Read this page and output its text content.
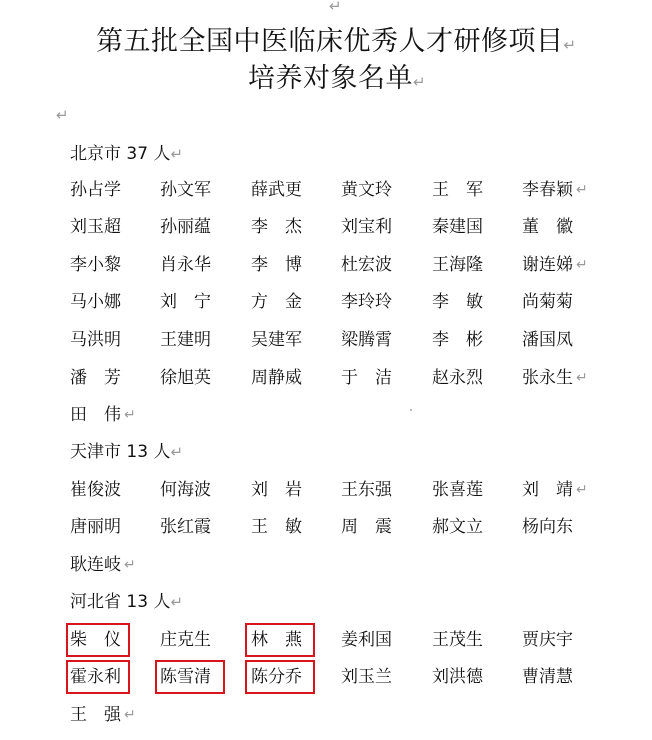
↵
第五批全国中医临床优秀人才研修项目↵
培养对象名单↵
↵
北京市 37 人↵
孙占学 孙文军 薛武更 黄文玲 王　军 李春颖 ↵
刘玉超 孙丽蕴 李　杰 刘宝利 秦建国 董　徽
李小黎 肖永华 李　博 杜宏波 王海隆 谢连娣 ↵
马小娜 刘　宁 方　金 李玲玲 李　敏 尚菊菊
马洪明 王建明 吴建军 梁腾霄 李　彬 潘国凤
潘　芳 徐旭英 周静威 于　洁 赵永烈 张永生 ↵
田　伟 ↵
天津市 13 人↵
崔俊波 何海波 刘　岩 王东强 张喜莲 刘　靖 ↵
唐丽明 张红霞 王　敏 周　震 郝文立 杨向东
耿连岐 ↵
河北省 13 人↵
柴　仪 庄克生 林　燕 姜利国 王茂生 贾庆宇
霍永利 陈雪清 陈分乔 刘玉兰 刘洪德 曹清慧
王　强 ↵
